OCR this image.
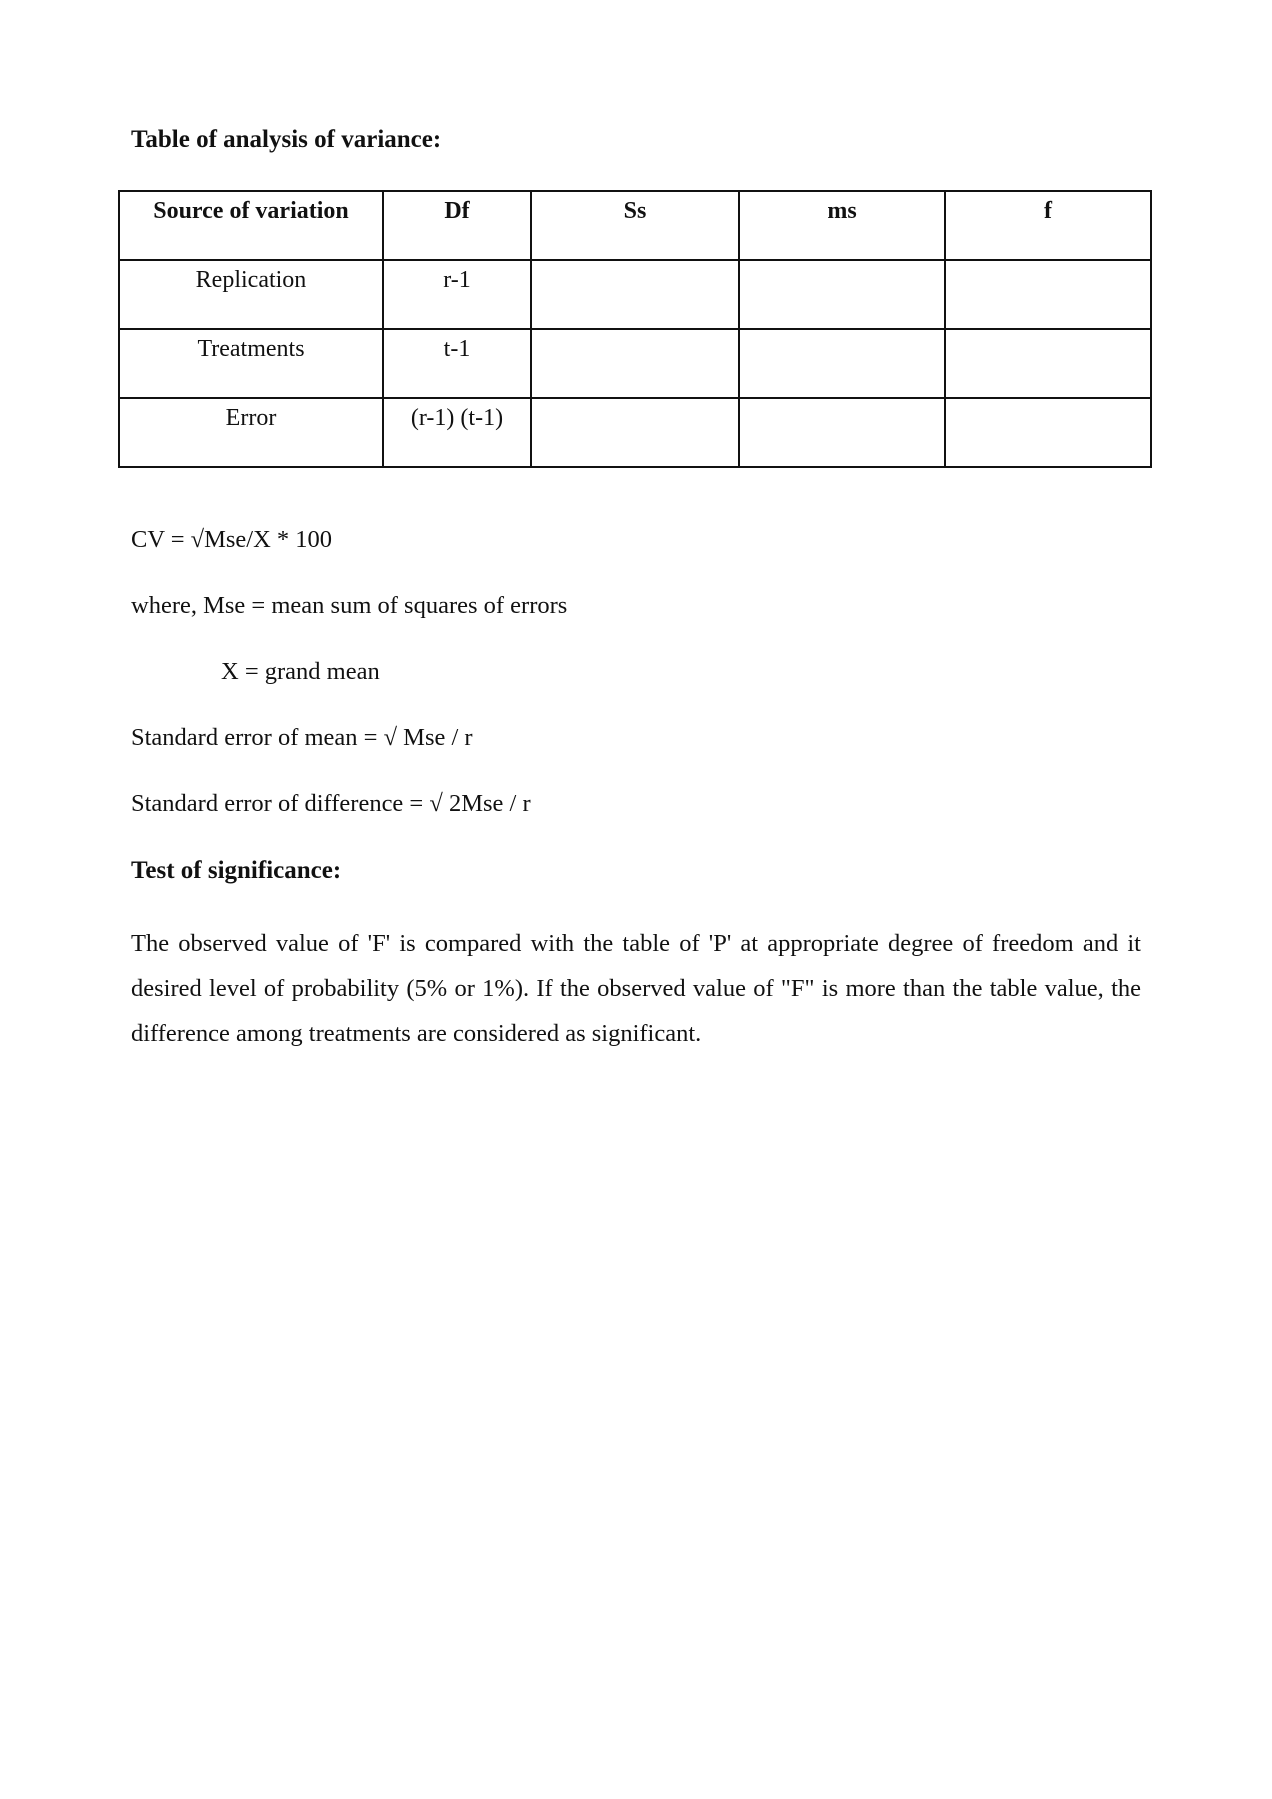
Table of analysis of variance:

Source of variation	Df	Ss	ms	f
Replication	r-1			
Treatments	t-1			
Error	(r-1) (t-1)			

CV = √Mse/X * 100

where, Mse = mean sum of squares of errors

X = grand mean

Standard error of mean = √ Mse / r

Standard error of difference = √ 2Mse / r

Test of significance:

The observed value of 'F' is compared with the table of 'P' at appropriate degree of freedom and it desired level of probability (5% or 1%). If the observed value of "F" is more than the table value, the difference among treatments are considered as significant.
